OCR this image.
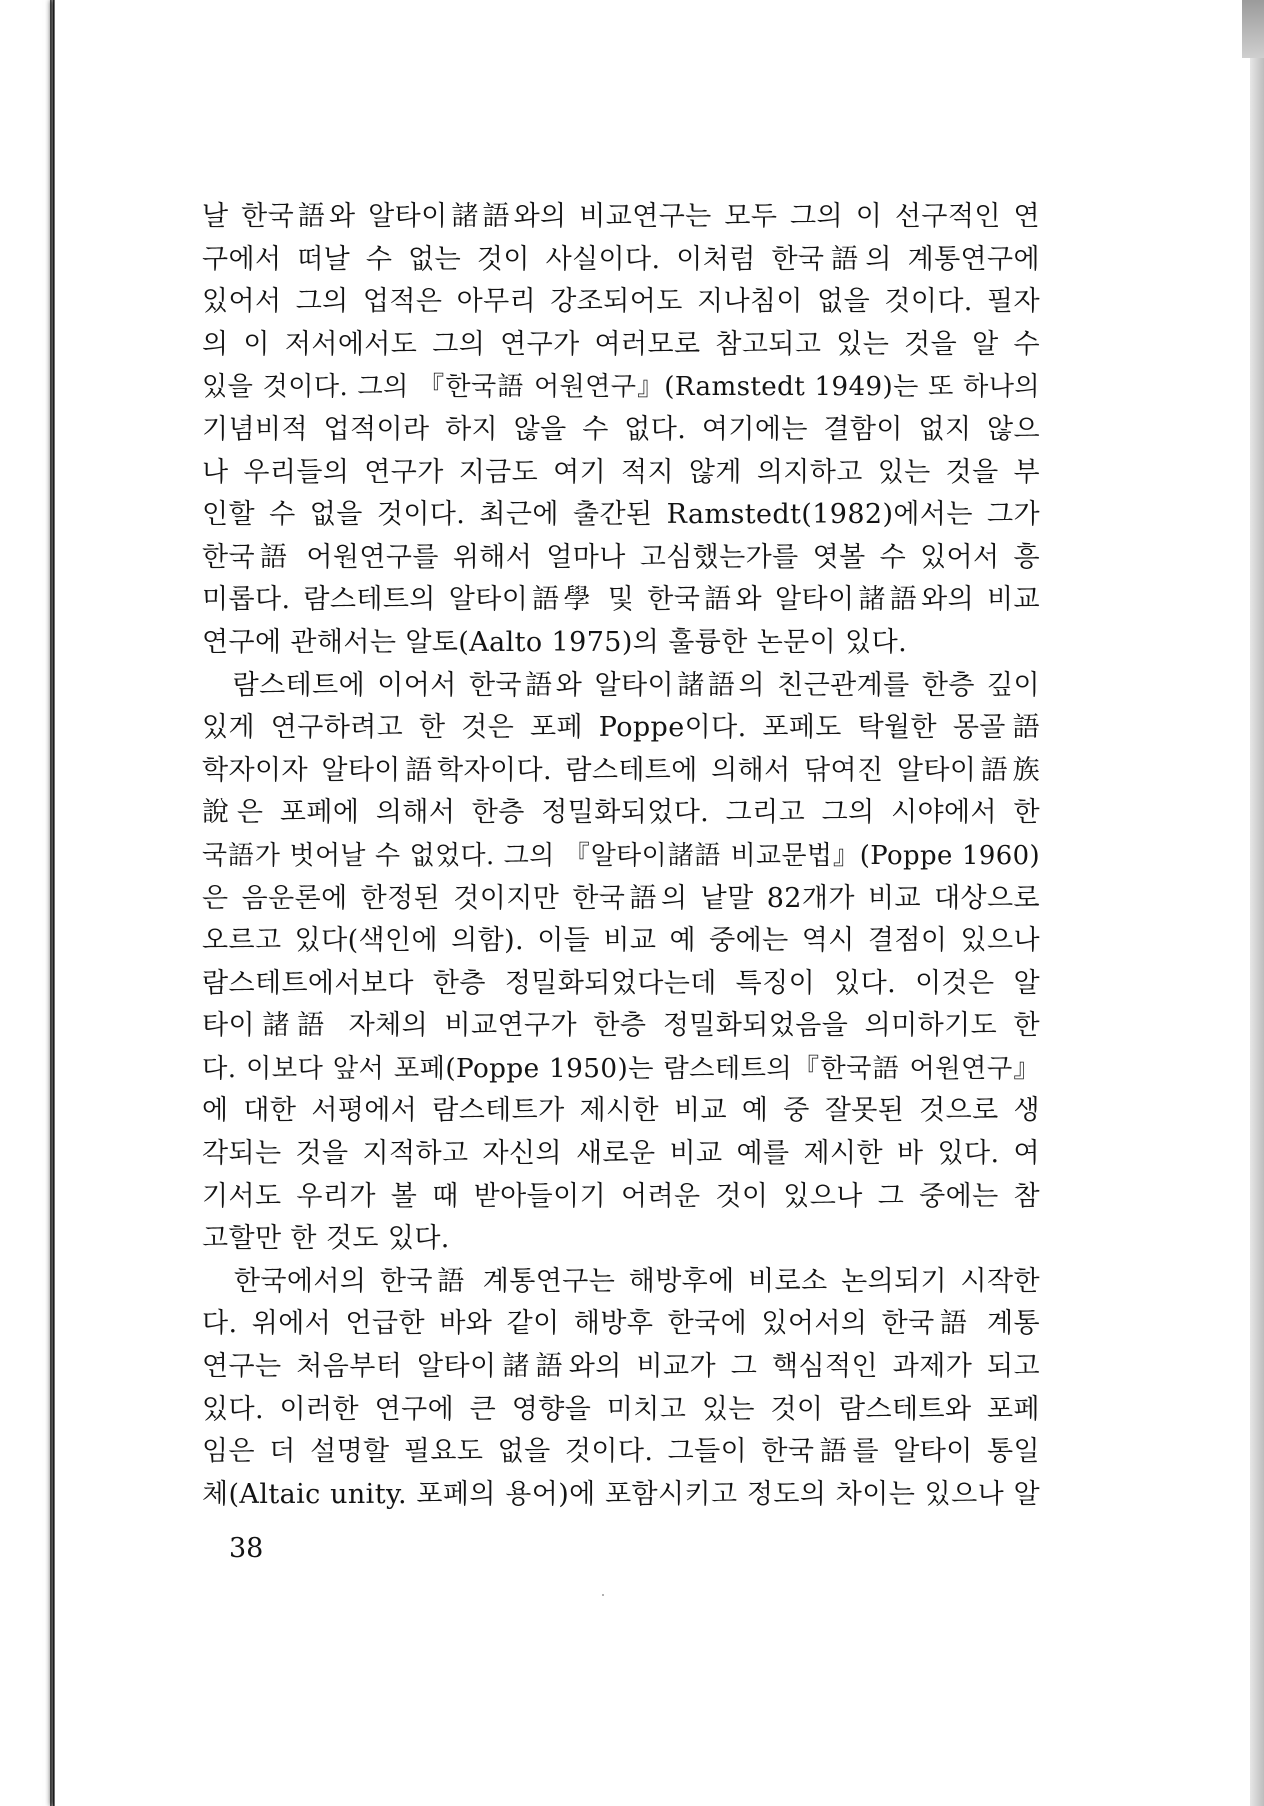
날 한국語와 알타이諸語와의 비교연구는 모두 그의 이 선구적인 연
구에서 떠날 수 없는 것이 사실이다. 이처럼 한국語의 계통연구에
있어서 그의 업적은 아무리 강조되어도 지나침이 없을 것이다. 필자
의 이 저서에서도 그의 연구가 여러모로 참고되고 있는 것을 알 수
있을 것이다. 그의 『한국語 어원연구』(Ramstedt 1949)는 또 하나의
기념비적 업적이라 하지 않을 수 없다. 여기에는 결함이 없지 않으
나 우리들의 연구가 지금도 여기 적지 않게 의지하고 있는 것을 부
인할 수 없을 것이다. 최근에 출간된 Ramstedt(1982)에서는 그가
한국語 어원연구를 위해서 얼마나 고심했는가를 엿볼 수 있어서 흥
미롭다. 람스테트의 알타이語學 및 한국語와 알타이諸語와의 비교
연구에 관해서는 알토(Aalto 1975)의 훌륭한 논문이 있다.
　람스테트에 이어서 한국語와 알타이諸語의 친근관계를 한층 깊이
있게 연구하려고 한 것은 포페 Poppe이다. 포페도 탁월한 몽골語
학자이자 알타이語학자이다. 람스테트에 의해서 닦여진 알타이語族
說은 포페에 의해서 한층 정밀화되었다. 그리고 그의 시야에서 한
국語가 벗어날 수 없었다. 그의 『알타이諸語 비교문법』(Poppe 1960)
은 음운론에 한정된 것이지만 한국語의 낱말 82개가 비교 대상으로
오르고 있다(색인에 의함). 이들 비교 예 중에는 역시 결점이 있으나
람스테트에서보다 한층 정밀화되었다는데 특징이 있다. 이것은 알
타이諸語 자체의 비교연구가 한층 정밀화되었음을 의미하기도 한
다. 이보다 앞서 포페(Poppe 1950)는 람스테트의『한국語 어원연구』
에 대한 서평에서 람스테트가 제시한 비교 예 중 잘못된 것으로 생
각되는 것을 지적하고 자신의 새로운 비교 예를 제시한 바 있다. 여
기서도 우리가 볼 때 받아들이기 어려운 것이 있으나 그 중에는 참
고할만 한 것도 있다.
　한국에서의 한국語 계통연구는 해방후에 비로소 논의되기 시작한
다. 위에서 언급한 바와 같이 해방후 한국에 있어서의 한국語 계통
연구는 처음부터 알타이諸語와의 비교가 그 핵심적인 과제가 되고
있다. 이러한 연구에 큰 영향을 미치고 있는 것이 람스테트와 포페
임은 더 설명할 필요도 없을 것이다. 그들이 한국語를 알타이 통일
체(Altaic unity. 포페의 용어)에 포함시키고 정도의 차이는 있으나 알
38
